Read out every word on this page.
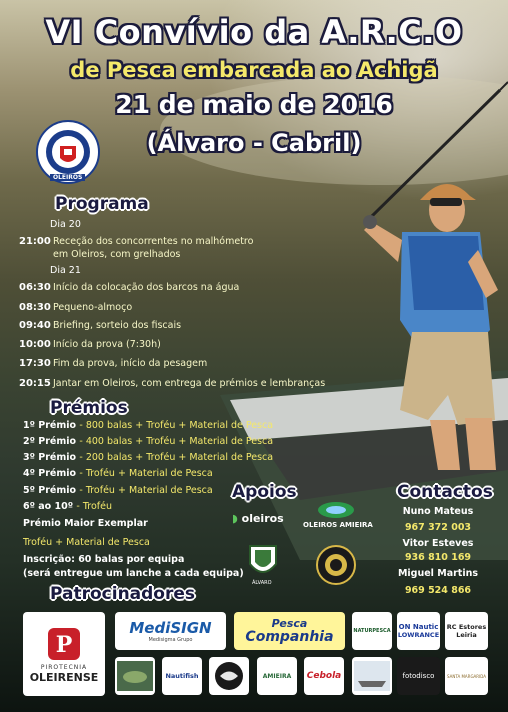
VI Convívio da A.R.C.O
de Pesca embarcada ao Achigã
21 de maio de 2016
(Álvaro - Cabril)
OLEIROS
Programa
Dia 20
21:00 Receção dos concorrentes no malhómetro
em Oleiros, com grelhados
Dia 21
06:30 Início da colocação dos barcos na água
08:30 Pequeno-almoço
09:40 Briefing, sorteio dos fiscais
10:00 Início da prova (7:30h)
17:30 Fim da prova, início da pesagem
20:15 Jantar em Oleiros, com entrega de prémios e lembranças
Prémios
1º Prémio - 800 balas + Troféu + Material de Pesca
2º Prémio - 400 balas + Troféu + Material de Pesca
3º Prémio - 200 balas + Troféu + Material de Pesca
4º Prémio - Troféu + Material de Pesca
5º Prémio - Troféu + Material de Pesca
6º ao 10º - Troféu
Prémio Maior Exemplar
Troféu + Material de Pesca
Inscrição: 60 balas por equipa
(será entregue um lanche a cada equipa)
Apoios
◗ oleiros	OLEIROS AMIEIRA
ÁLVARO
Contactos
Nuno Mateus
967 372 003
Vitor Esteves
936 810 169
Miguel Martins
969 524 866
Patrocinadores
P
PIROTECNIA
OLEIRENSE
MediSIGN
Medisigma Grupo
Pesca
Companhia	NATURPESCA ON Nautic
LOWRANCE
RC Estores
Leiria
Nautifish	AMIEIRA Cebola	fotodisco	SANTA MARGARIDA
